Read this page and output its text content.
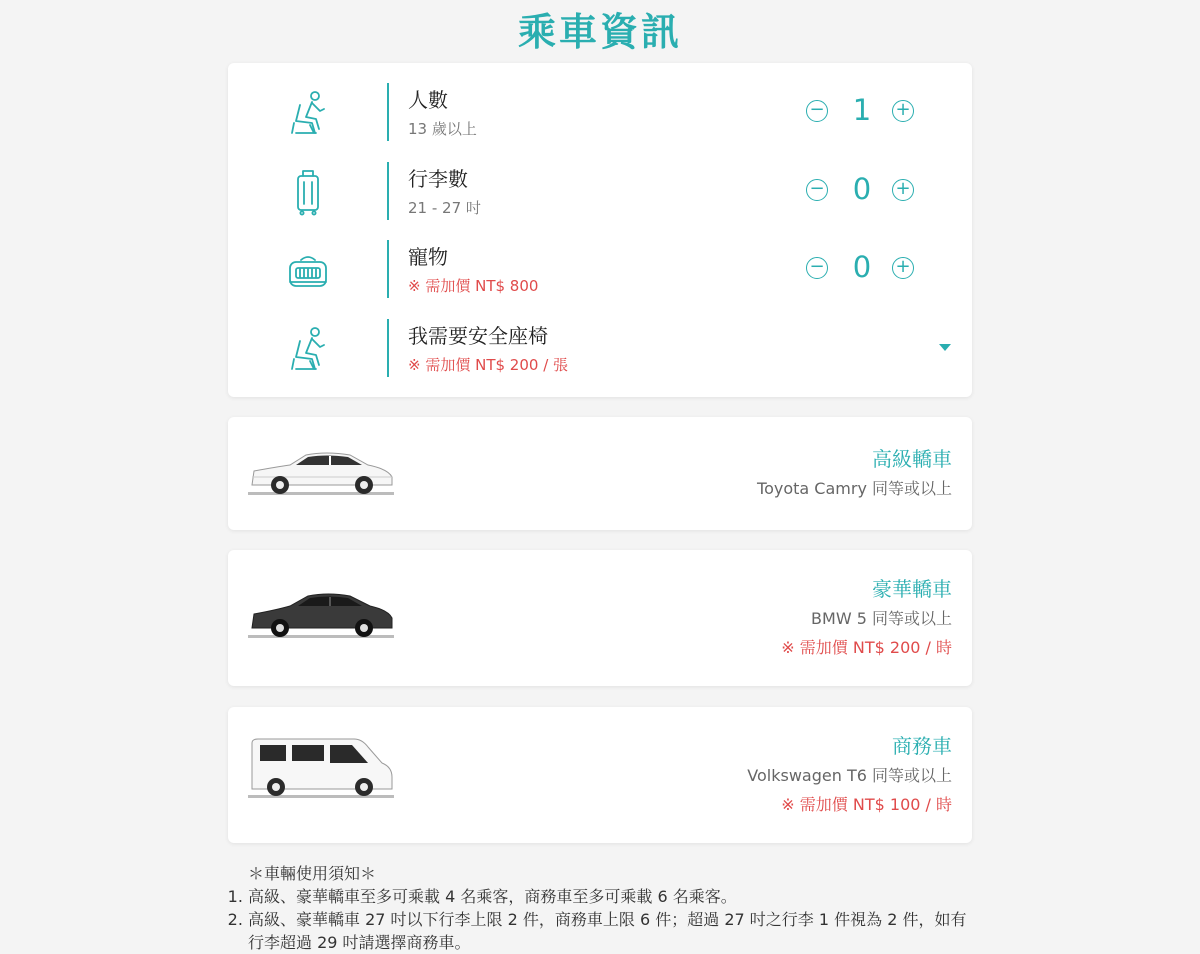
乘車資訊
人數
13 歲以上
− 1	+
行李數
21 - 27 吋
− 0	+
寵物
※ 需加價 NT$ 800
− 0	+
我需要安全座椅
※ 需加價 NT$ 200 / 張
高級轎車
Toyota Camry 同等或以上
豪華轎車
BMW 5 同等或以上
※ 需加價 NT$ 200 / 時
商務車
Volkswagen T6 同等或以上
※ 需加價 NT$ 100 / 時
＊車輛使用須知＊
1. 高級、豪華轎車至多可乘載 4 名乘客，商務車至多可乘載 6 名乘客。
2. 高級、豪華轎車 27 吋以下行李上限 2 件，商務車上限 6 件；超過 27 吋之行李 1 件視為 2 件，如有行李超過 29 吋請選擇商務車。
